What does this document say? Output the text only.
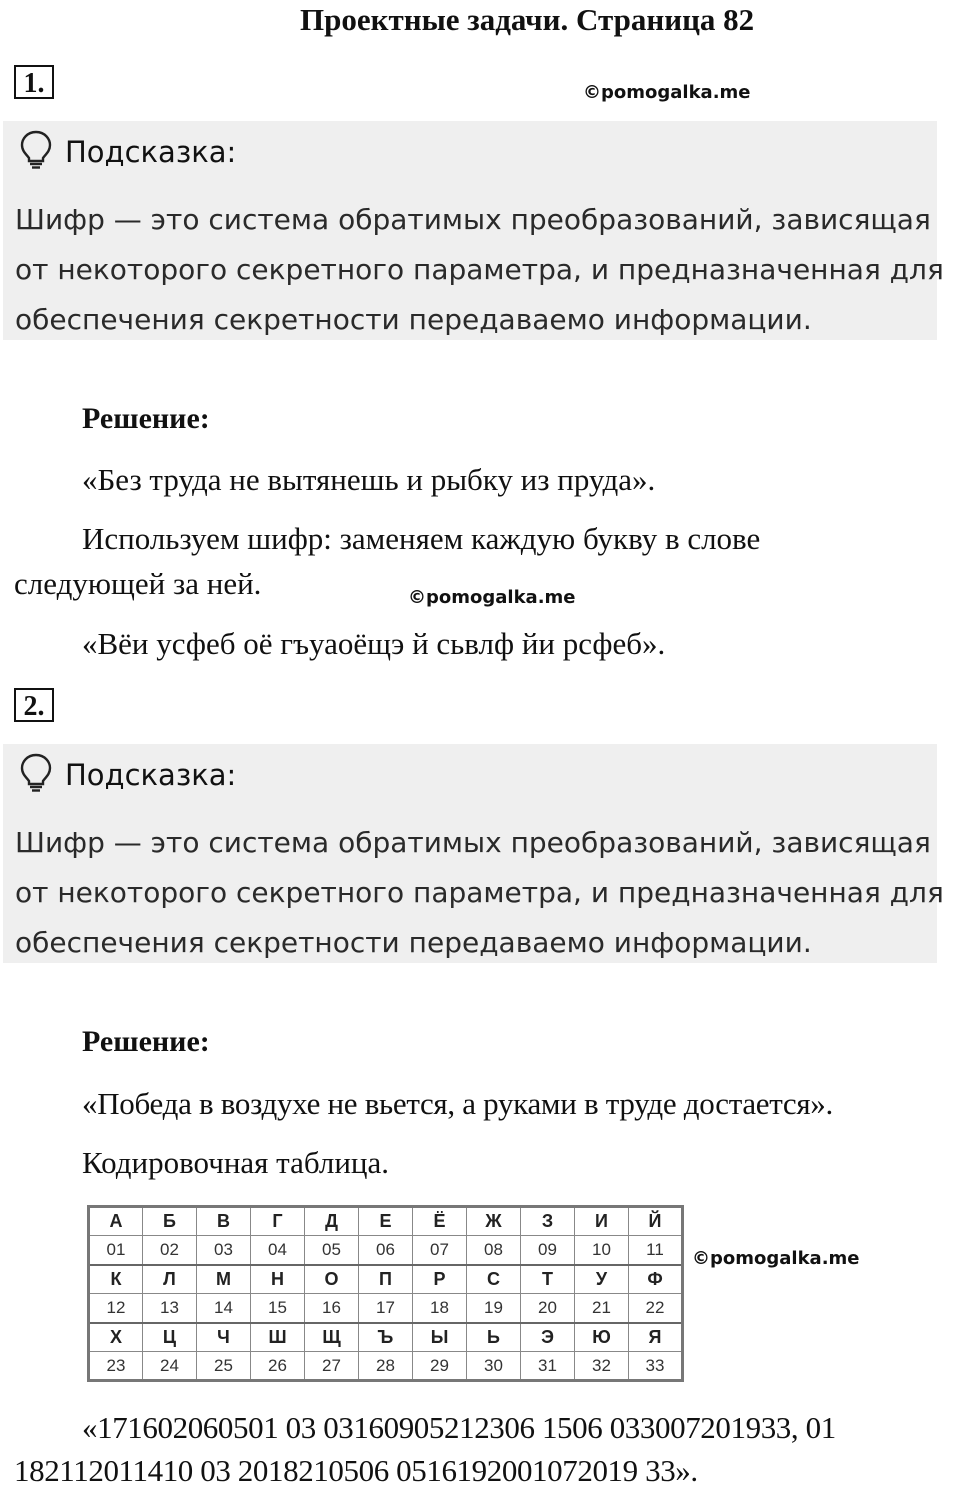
Проектные задачи. Страница 82
1.	©pomogalka.me
Подсказка:
Шифр — это система обратимых преобразований, зависящая
от некоторого секретного параметра, и предназначенная для
обеспечения секретности передаваемо информации.
Решение:
«Без труда не вытянешь и рыбку из пруда».
Используем шифр: заменяем каждую букву в слове
следующей за ней.	©pomogalka.me
«Вёи усфеб оё гъуаоёщэ й сьвлф йи рсфеб».
2.
Подсказка:
Шифр — это система обратимых преобразований, зависящая
от некоторого секретного параметра, и предназначенная для
обеспечения секретности передаваемо информации.
Решение:
«Победа в воздухе не вьется, а руками в труде достается».
Кодировочная таблица.
А	Б	В	Г	Д	Е	Ё	Ж	З	И	Й
01	02	03	04	05	06	07	08	09	10	11
К	Л	М	Н	О	П	Р	С	Т	У	Ф
12	13	14	15	16	17	18	19	20	21	22
Х	Ц	Ч	Ш	Щ	Ъ	Ы	Ь	Э	Ю	Я
23	24	25	26	27	28	29	30	31	32	33
©pomogalka.me
«171602060501 03 03160905212306 1506 033007201933, 01
182112011410 03 2018210506 0516192001072019 33».
